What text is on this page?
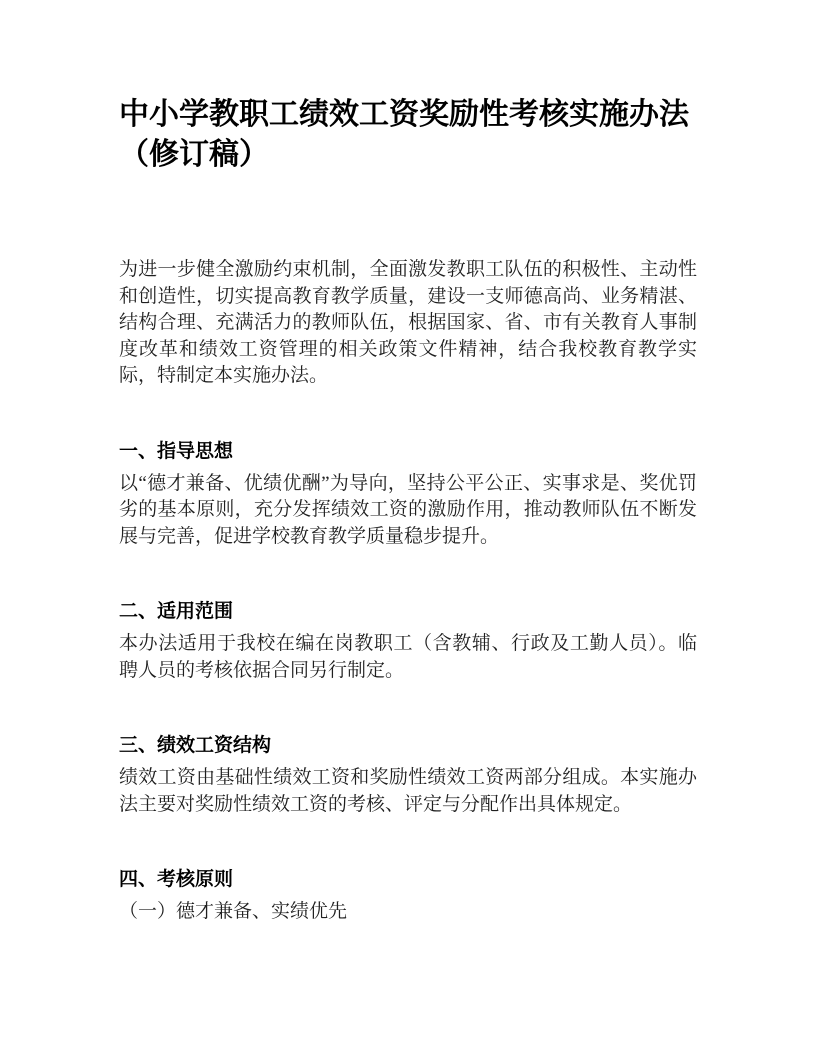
中小学教职工绩效工资奖励性考核实施办法（修订稿）

为进一步健全激励约束机制，全面激发教职工队伍的积极性、主动性和创造性，切实提高教育教学质量，建设一支师德高尚、业务精湛、结构合理、充满活力的教师队伍，根据国家、省、市有关教育人事制度改革和绩效工资管理的相关政策文件精神，结合我校教育教学实际，特制定本实施办法。

一、指导思想

以“德才兼备、优绩优酬”为导向，坚持公平公正、实事求是、奖优罚劣的基本原则，充分发挥绩效工资的激励作用，推动教师队伍不断发展与完善，促进学校教育教学质量稳步提升。

二、适用范围

本办法适用于我校在编在岗教职工（含教辅、行政及工勤人员）。临聘人员的考核依据合同另行制定。

三、绩效工资结构

绩效工资由基础性绩效工资和奖励性绩效工资两部分组成。本实施办法主要对奖励性绩效工资的考核、评定与分配作出具体规定。

四、考核原则

（一）德才兼备、实绩优先
